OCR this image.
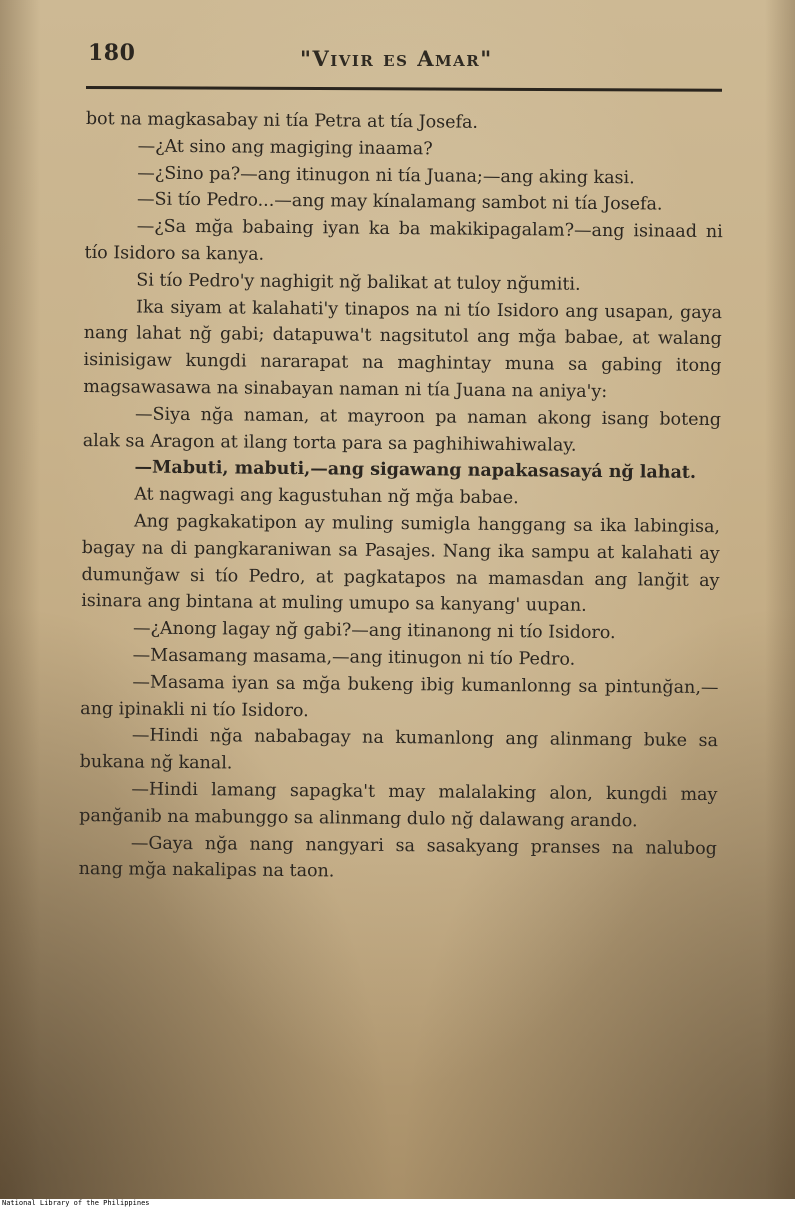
180	"Vivir es Amar"

bot na magkasabay ni tía Petra at tía Josefa.

—¿At sino ang magiging inaama?

—¿Sino pa?—ang itinugon ni tía Juana;—ang aking kasi.

—Si tío Pedro...—ang may kínalamang sambot ni tía Josefa.

—¿Sa mğa babaing iyan ka ba makikipagalam?—ang isinaad ni tío Isidoro sa kanya.

Si tío Pedro'y naghigit nğ balikat at tuloy nğumiti.

Ika siyam at kalahati'y tinapos na ni tío Isidoro ang usapan, gaya nang lahat nğ gabi; datapuwa't nagsitutol ang mğa babae, at walang isinisigaw kungdi nararapat na maghintay muna sa gabing itong magsawasawa na sinabayan naman ni tía Juana na aniya'y:

—Siya nğa naman, at mayroon pa naman akong isang boteng alak sa Aragon at ilang torta para sa paghihiwahiwalay.

—Mabuti, mabuti,—ang sigawang napakasasayá nğ lahat.

At nagwagi ang kagustuhan nğ mğa babae.

Ang pagkakatipon ay muling sumigla hanggang sa ika labingisa, bagay na di pangkaraniwan sa Pasajes. Nang ika sampu at kalahati ay dumunğaw si tío Pedro, at pagkatapos na mamasdan ang lanğit ay isinara ang bintana at muling umupo sa kanyang' uupan.

—¿Anong lagay nğ gabi?—ang itinanong ni tío Isidoro.

—Masamang masama,—ang itinugon ni tío Pedro.

—Masama iyan sa mğa bukeng ibig kumanlonng sa pintunğan,—ang ipinakli ni tío Isidoro.

—Hindi nğa nababagay na kumanlong ang alinmang buke sa bukana nğ kanal.

—Hindi lamang sapagka't may malalaking alon, kungdi may panğanib na mabunggo sa alinmang dulo nğ dalawang arando.

—Gaya nğa nang nangyari sa sasakyang pranses na nalubog nang mğa nakalipas na taon.

National Library of the Philippines
